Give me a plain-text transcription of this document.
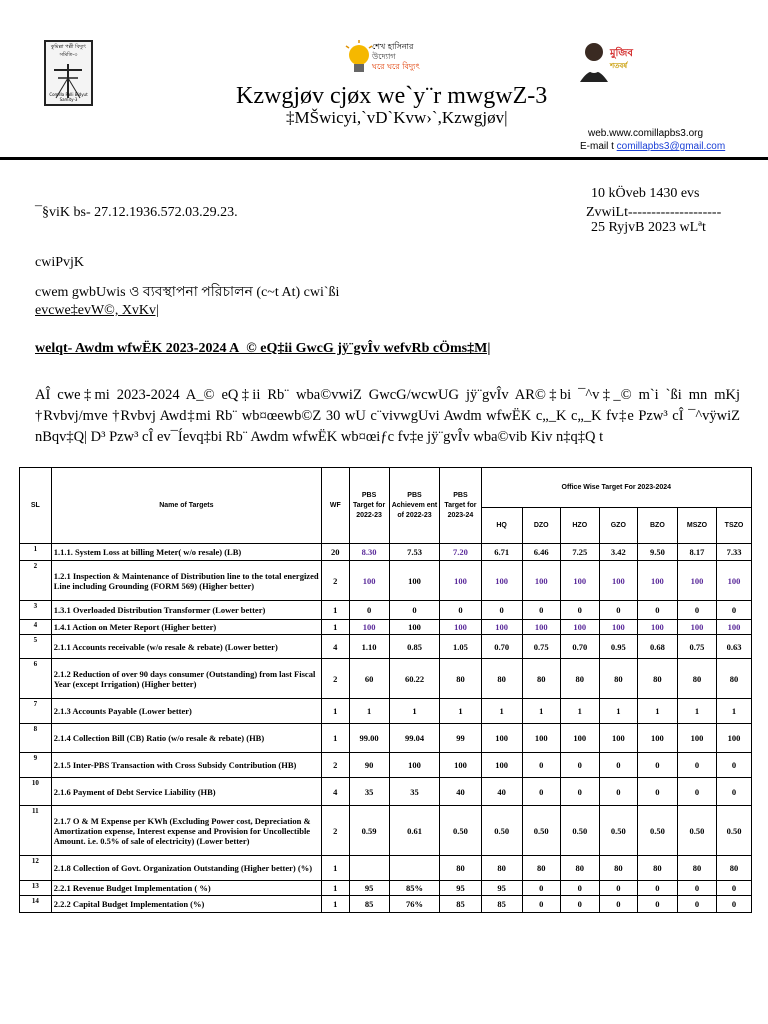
কুমিল্লা পল্লী বিদ্যুৎ সমিতি-৩
Comilla Palli Bidyut Samity-3
শেখ হাসিনার
উদ্যোগ
ঘরে ঘরে বিদ্যুৎ
মুজিব
শতবর্ষ
Kzwgjøv cjøx we`y¨r mwgwZ-3
‡MŠwicyi,`vD`Kvw›`,Kzwgjøv|
web.www.comillapbs3.org
E-mail t comillapbs3@gmail.com
¯§viK bs- 27.12.1936.572.03.29.23.
10 kÖveb 1430 evs
ZvwiLt--------------------
25 RyjvB 2023 wLªt
cwiPvjK
cwem gwbUwis ও ব্যবস্থাপনা পরিচালন (c~t At) cwi`ßi
evcwe‡evW©, XvKv|
welqt- Awdm wfwËK 2023-2024 A_© eQ‡ii GwcG jÿ¨gvÎv wefvRb cÖms‡M|
AÎ cwe‡mi 2023-2024 A_© eQ‡ii Rb¨ wba©vwiZ GwcG/wcwUG jÿ¨gvÎv AR©‡bi ¯^v‡_© m`i `ßi mn mKj †Rvbvj/mve †Rvbvj Awd‡mi Rb¨ wb¤œewb©Z 30 wU c¨vivwgUvi Awdm wfwËK c„_K c„_K fv‡e Pzw³ cÎ ¯^vÿwiZ nBqv‡Q| D³ Pzw³ cÎ ev¯Íevq‡bi Rb¨ Awdm wfwËK wb¤œiƒc fv‡e jÿ¨gvÎv wba©vib Kiv n‡q‡Q t
SL	Name of Targets	WF	PBS Target for 2022-23	PBS Achievem ent of 2022-23	PBS Target for 2023-24	Office Wise Target For 2023-2024						
						HQ	DZO	HZO	GZO	BZO	MSZO	TSZO
1	1.1.1. System Loss at billing Meter( w/o resale) (LB)	20	8.30	7.53	7.20	6.71	6.46	7.25	3.42	9.50	8.17	7.33
2	1.2.1 Inspection & Maintenance of Distribution line to the total energized Line including Grounding (FORM 569) (Higher better)	2	100	100	100	100	100	100	100	100	100	100
3	1.3.1 Overloaded Distribution Transformer (Lower better)	1	0	0	0	0	0	0	0	0	0	0
4	1.4.1 Action on Meter Report (Higher better)	1	100	100	100	100	100	100	100	100	100	100
5	2.1.1 Accounts receivable (w/o resale & rebate) (Lower better)	4	1.10	0.85	1.05	0.70	0.75	0.70	0.95	0.68	0.75	0.63
6	2.1.2 Reduction of over 90 days consumer (Outstanding) from last Fiscal Year (except Irrigation) (Higher better)	2	60	60.22	80	80	80	80	80	80	80	80
7	2.1.3 Accounts Payable (Lower better)	1	1	1	1	1	1	1	1	1	1	1
8	2.1.4 Collection Bill (CB) Ratio (w/o resale & rebate) (HB)	1	99.00	99.04	99	100	100	100	100	100	100	100
9	2.1.5 Inter-PBS Transaction with Cross Subsidy Contribution (HB)	2	90	100	100	100	0	0	0	0	0	0
10	2.1.6 Payment of Debt Service Liability (HB)	4	35	35	40	40	0	0	0	0	0	0
11	2.1.7 O & M Expense per KWh (Excluding Power cost, Depreciation & Amortization expense, Interest expense and Provision for Uncollectible Amount. i.e. 0.5% of sale of electricity) (Lower better)	2	0.59	0.61	0.50	0.50	0.50	0.50	0.50	0.50	0.50	0.50
12	2.1.8 Collection of Govt. Organization Outstanding (Higher better) (%)	1			80	80	80	80	80	80	80	80
13	2.2.1 Revenue Budget Implementation ( %)	1	95	85%	95	95	0	0	0	0	0	0
14	2.2.2 Capital Budget Implementation (%)	1	85	76%	85	85	0	0	0	0	0	0
